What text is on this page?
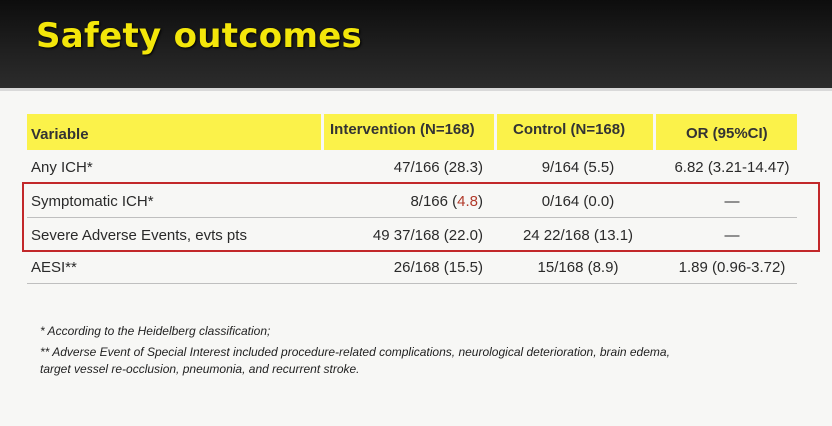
Safety outcomes
Variable	Intervention (N=168)	Control (N=168)	OR (95%CI)
Any ICH*	47/166 (28.3)	9/164 (5.5)	6.82 (3.21-14.47)
Symptomatic ICH*	8/166 (4.8)	0/164 (0.0)	—
Severe Adverse Events, evts pts	49 37/168 (22.0)	24 22/168 (13.1)	—
AESI**	26/168 (15.5)	15/168 (8.9)	1.89 (0.96-3.72)
* According to the Heidelberg classification;
** Adverse Event of Special Interest included procedure-related complications, neurological deterioration, brain edema,
target vessel re-occlusion, pneumonia, and recurrent stroke.
